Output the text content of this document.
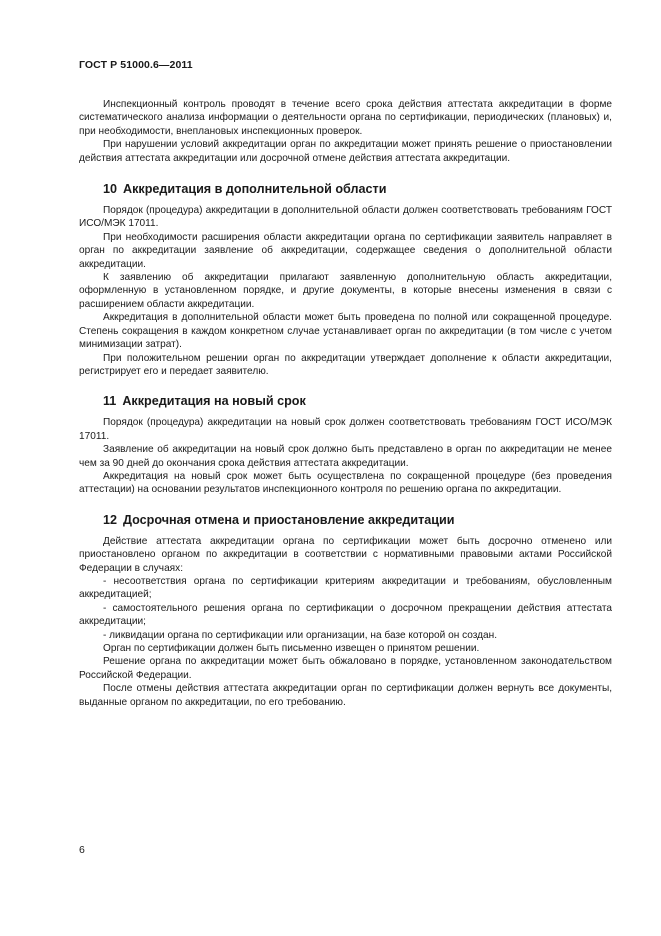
ГОСТ Р 51000.6—2011

Инспекционный контроль проводят в течение всего срока действия аттестата аккредитации в форме систематического анализа информации о деятельности органа по сертификации, периодических (плановых) и, при необходимости, внеплановых инспекционных проверок.

При нарушении условий аккредитации орган по аккредитации может принять решение о приостановлении действия аттестата аккредитации или досрочной отмене действия аттестата аккредитации.

10 Аккредитация в дополнительной области

Порядок (процедура) аккредитации в дополнительной области должен соответствовать требованиям ГОСТ ИСО/МЭК 17011.

При необходимости расширения области аккредитации органа по сертификации заявитель направляет в орган по аккредитации заявление об аккредитации, содержащее сведения о дополнительной области аккредитации.

К заявлению об аккредитации прилагают заявленную дополнительную область аккредитации, оформленную в установленном порядке, и другие документы, в которые внесены изменения в связи с расширением области аккредитации.

Аккредитация в дополнительной области может быть проведена по полной или сокращенной процедуре. Степень сокращения в каждом конкретном случае устанавливает орган по аккредитации (в том числе с учетом минимизации затрат).

При положительном решении орган по аккредитации утверждает дополнение к области аккредитации, регистрирует его и передает заявителю.

11 Аккредитация на новый срок

Порядок (процедура) аккредитации на новый срок должен соответствовать требованиям ГОСТ ИСО/МЭК 17011.

Заявление об аккредитации на новый срок должно быть представлено в орган по аккредитации не менее чем за 90 дней до окончания срока действия аттестата аккредитации.

Аккредитация на новый срок может быть осуществлена по сокращенной процедуре (без проведения аттестации) на основании результатов инспекционного контроля по решению органа по аккредитации.

12 Досрочная отмена и приостановление аккредитации

Действие аттестата аккредитации органа по сертификации может быть досрочно отменено или приостановлено органом по аккредитации в соответствии с нормативными правовыми актами Российской Федерации в случаях:

- несоответствия органа по сертификации критериям аккредитации и требованиям, обусловленным аккредитацией;

- самостоятельного решения органа по сертификации о досрочном прекращении действия аттестата аккредитации;

- ликвидации органа по сертификации или организации, на базе которой он создан.

Орган по сертификации должен быть письменно извещен о принятом решении.

Решение органа по аккредитации может быть обжаловано в порядке, установленном законодательством Российской Федерации.

После отмены действия аттестата аккредитации орган по сертификации должен вернуть все документы, выданные органом по аккредитации, по его требованию.

6
